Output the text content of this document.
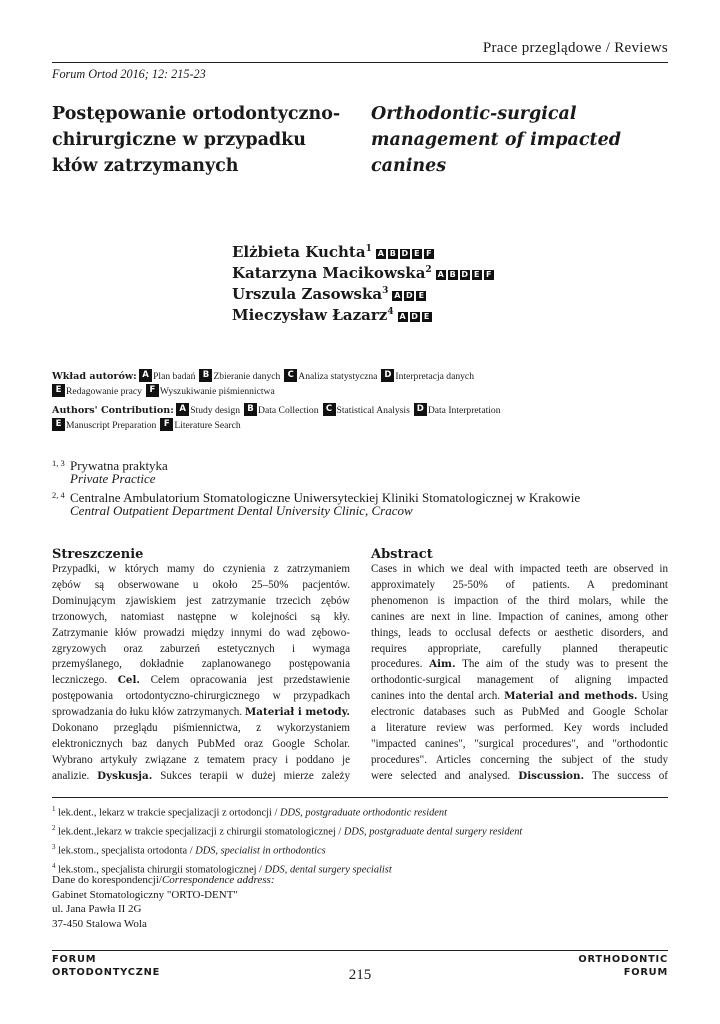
Prace przeglądowe / Reviews
Forum Ortod 2016; 12: 215-23
Postępowanie ortodontyczno-
chirurgiczne w przypadku
kłów zatrzymanych
Orthodontic-surgical
management of impacted
canines
Elżbieta Kuchta$^1$ A B D E F
Katarzyna Macikowska$^2$ A B D E F
Urszula Zasowska$^3$ A D E
Mieczysław Łazarz$^4$ A D E
Wkład autorów: A Plan badań B Zbieranie danych C Analiza statystyczna D Interpretacja danych
E Redagowanie pracy F Wyszukiwanie piśmiennictwa
Authors' Contribution: A Study design B Data Collection C Statistical Analysis D Data Interpretation
E Manuscript Preparation F Literature Search
$^{1, 3}$ Prywatna praktyka
Private Practice
$^{2, 4}$ Centralne Ambulatorium Stomatologiczne Uniwersyteckiej Kliniki Stomatologicznej w Krakowie
Central Outpatient Department Dental University Clinic, Cracow
Streszczenie
Przypadki, w których mamy do czynienia z zatrzymaniem
zębów są obserwowane u około 25–50% pacjentów.
Dominującym zjawiskiem jest zatrzymanie trzecich zębów
trzonowych, natomiast następne w kolejności są kły.
Zatrzymanie kłów prowadzi między innymi do wad zębowo-
zgryzowych oraz zaburzeń estetycznych i wymaga
przemyślanego, dokładnie zaplanowanego postępowania
leczniczego. Cel. Celem opracowania jest przedstawienie
postępowania ortodontyczno-chirurgicznego w przypadkach
sprowadzania do łuku kłów zatrzymanych. Materiał i metody.
Dokonano przeglądu piśmiennictwa, z wykorzystaniem
elektronicznych baz danych PubMed oraz Google Scholar.
Wybrano artykuły związane z tematem pracy i poddano je
analizie. Dyskusja. Sukces terapii w dużej mierze zależy
Abstract
Cases in which we deal with impacted teeth are observed in
approximately 25-50% of patients. A predominant
phenomenon is impaction of the third molars, while the
canines are next in line. Impaction of canines, among other
things, leads to occlusal defects or aesthetic disorders, and
requires appropriate, carefully planned therapeutic
procedures. Aim. The aim of the study was to present the
orthodontic-surgical management of aligning impacted
canines into the dental arch. Material and methods. Using
electronic databases such as PubMed and Google Scholar
a literature review was performed. Key words included
"impacted canines", "surgical procedures", and "orthodontic
procedures". Articles concerning the subject of the study
were selected and analysed. Discussion. The success of
$^1$ lek.dent., lekarz w trakcie specjalizacji z ortodoncji / DDS, postgraduate orthodontic resident
$^2$ lek.dent.,lekarz w trakcie specjalizacji z chirurgii stomatologicznej / DDS, postgraduate dental surgery resident
$^3$ lek.stom., specjalista ortodonta / DDS, specialist in orthodontics
$^4$ lek.stom., specjalista chirurgii stomatologicznej / DDS, dental surgery specialist
Dane do korespondencji/Correspondence address:
Gabinet Stomatologiczny "ORTO-DENT"
ul. Jana Pawła II 2G
37-450 Stalowa Wola
FORUM
ORTODONTYCZNE
ORTHODONTIC
FORUM
215
